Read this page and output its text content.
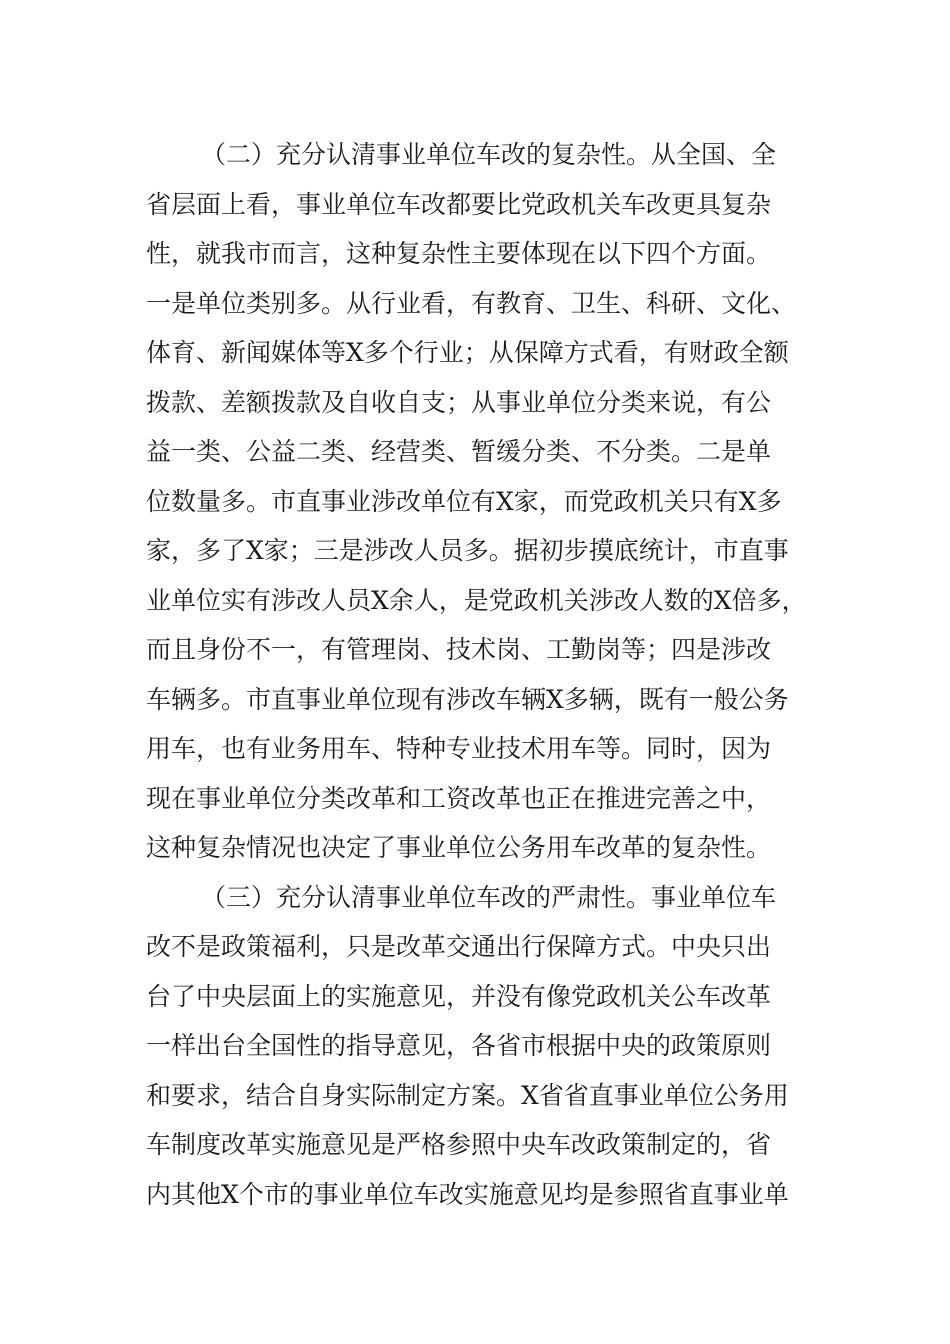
（二）充分认清事业单位车改的复杂性。从全国、全
省层面上看，事业单位车改都要比党政机关车改更具复杂
性，就我市而言，这种复杂性主要体现在以下四个方面。
一是单位类别多。从行业看，有教育、卫生、科研、文化、
体育、新闻媒体等X多个行业；从保障方式看，有财政全额
拨款、差额拨款及自收自支；从事业单位分类来说，有公
益一类、公益二类、经营类、暂缓分类、不分类。二是单
位数量多。市直事业涉改单位有X家，而党政机关只有X多
家，多了X家；三是涉改人员多。据初步摸底统计，市直事
业单位实有涉改人员X余人，是党政机关涉改人数的X倍多，
而且身份不一，有管理岗、技术岗、工勤岗等；四是涉改
车辆多。市直事业单位现有涉改车辆X多辆，既有一般公务
用车，也有业务用车、特种专业技术用车等。同时，因为
现在事业单位分类改革和工资改革也正在推进完善之中，
这种复杂情况也决定了事业单位公务用车改革的复杂性。
（三）充分认清事业单位车改的严肃性。事业单位车
改不是政策福利，只是改革交通出行保障方式。中央只出
台了中央层面上的实施意见，并没有像党政机关公车改革
一样出台全国性的指导意见，各省市根据中央的政策原则
和要求，结合自身实际制定方案。X省省直事业单位公务用
车制度改革实施意见是严格参照中央车改政策制定的，省
内其他X个市的事业单位车改实施意见均是参照省直事业单
